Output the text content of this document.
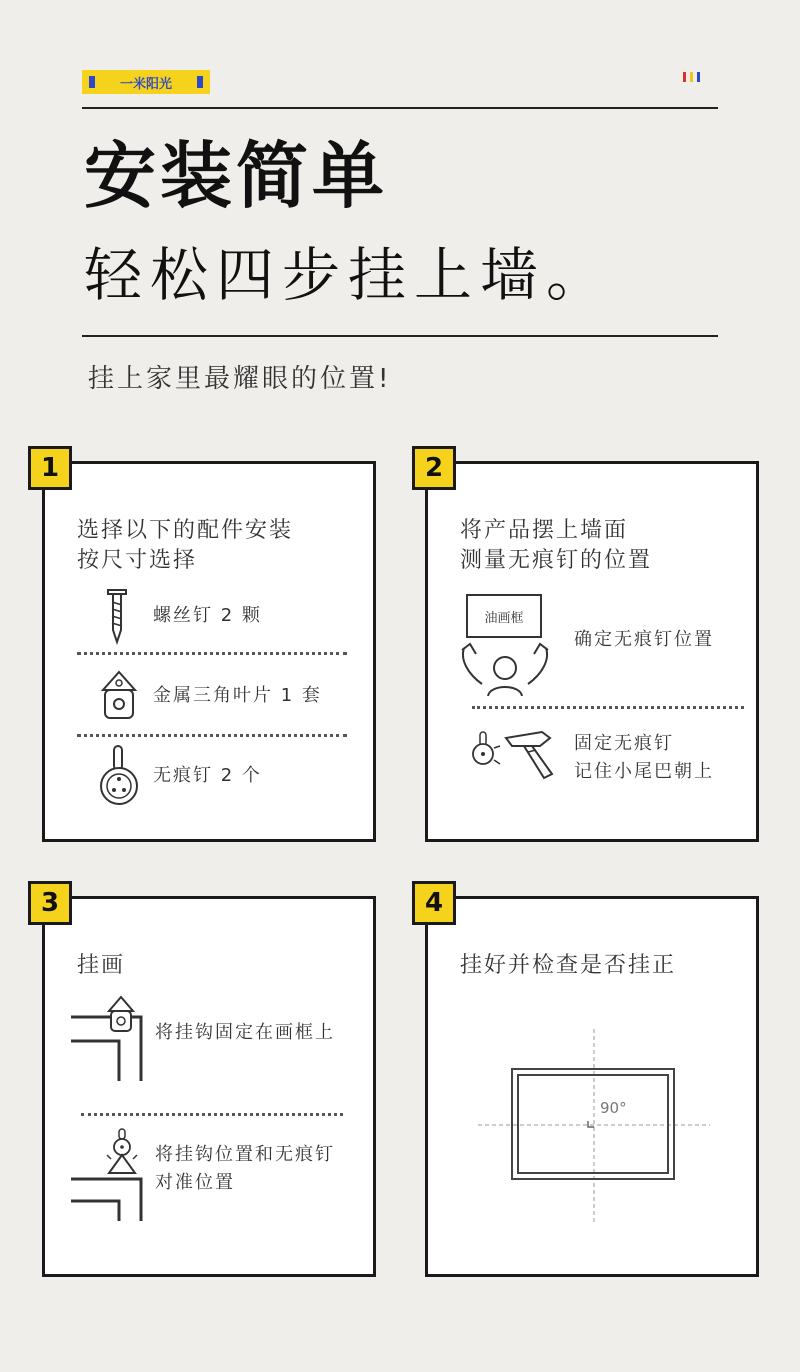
一米阳光
安装简单
轻松四步挂上墙。
挂上家里最耀眼的位置!
选择以下的配件安装
按尺寸选择
螺丝钉 2 颗
金属三角叶片 1 套
无痕钉 2 个
1
将产品摆上墙面
测量无痕钉的位置
油画框
确定无痕钉位置
固定无痕钉
记住小尾巴朝上
2
挂画
将挂钩固定在画框上
将挂钩位置和无痕钉
对准位置
3
挂好并检查是否挂正
90°
4
